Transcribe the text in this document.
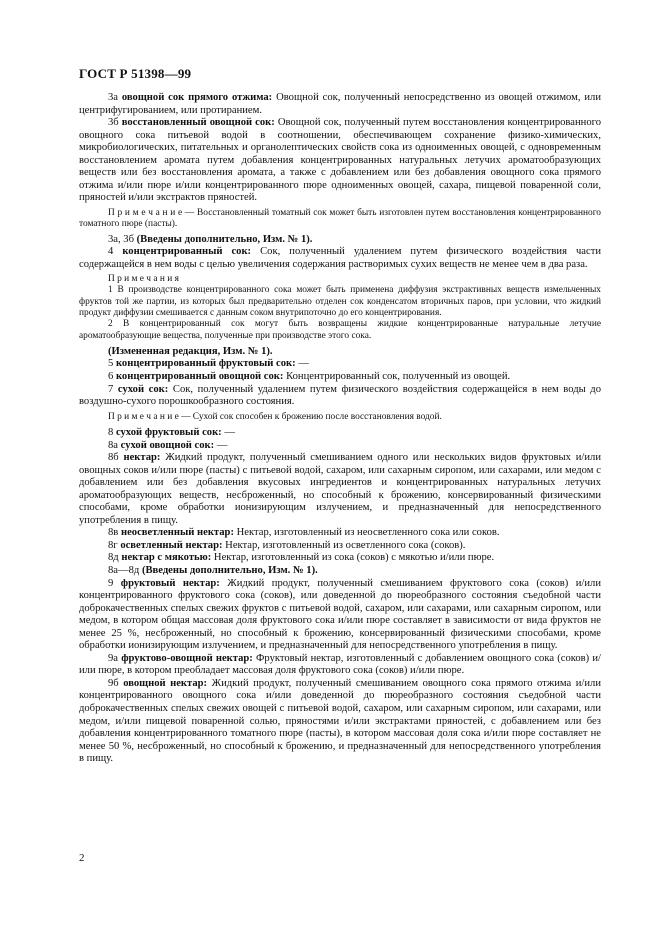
ГОСТ Р 51398—99

3а овощной сок прямого отжима: Овощной сок, полученный непосредственно из овощей отжимом, или центрифугированием, или протиранием.

3б восстановленный овощной сок: Овощной сок, полученный путем восстановления концентрированного овощного сока питьевой водой в соотношении, обеспечивающем сохранение физико-химических, микробиологических, питательных и органолептических свойств сока из одноименных овощей, с одновременным восстановлением аромата путем добавления концентрированных натуральных летучих ароматообразующих веществ или без восстановления аромата, а также с добавлением или без добавления овощного сока прямого отжима и/или пюре и/или концентрированного пюре одноименных овощей, сахара, пищевой поваренной соли, пряностей и/или экстрактов пряностей.

П р и м е ч а н и е — Восстановленный томатный сок может быть изготовлен путем восстановления концентрированного томатного пюре (пасты).

3а, 3б (Введены дополнительно, Изм. № 1).

4 концентрированный сок: Сок, полученный удалением путем физического воздействия части содержащейся в нем воды с целью увеличения содержания растворимых сухих веществ не менее чем в два раза.

П р и м е ч а н и я

1 В производстве концентрированного сока может быть применена диффузия экстрактивных веществ измельченных фруктов той же партии, из которых был предварительно отделен сок конденсатом вторичных паров, при условии, что жидкий продукт диффузии смешивается с данным соком внутрипоточно до его концентрирования.

2 В концентрированный сок могут быть возвращены жидкие концентрированные натуральные летучие ароматообразующие вещества, полученные при производстве этого сока.

(Измененная редакция, Изм. № 1).

5 концентрированный фруктовый сок: —

6 концентрированный овощной сок: Концентрированный сок, полученный из овощей.

7 сухой сок: Сок, полученный удалением путем физического воздействия содержащейся в нем воды до воздушно-сухого порошкообразного состояния.

П р и м е ч а н и е — Сухой сок способен к брожению после восстановления водой.

8 сухой фруктовый сок: —

8а сухой овощной сок: —

8б нектар: Жидкий продукт, полученный смешиванием одного или нескольких видов фруктовых и/или овощных соков и/или пюре (пасты) с питьевой водой, сахаром, или сахарным сиропом, или сахарами, или медом с добавлением или без добавления вкусовых ингредиентов и концентрированных натуральных летучих ароматообразующих веществ, несброженный, но способный к брожению, консервированный физическими способами, кроме обработки ионизирующим излучением, и предназначенный для непосредственного употребления в пищу.

8в неосветленный нектар: Нектар, изготовленный из неосветленного сока или соков.

8г осветленный нектар: Нектар, изготовленный из осветленного сока (соков).

8д нектар с мякотью: Нектар, изготовленный из сока (соков) с мякотью и/или пюре.

8а—8д (Введены дополнительно, Изм. № 1).

9 фруктовый нектар: Жидкий продукт, полученный смешиванием фруктового сока (соков) и/или концентрированного фруктового сока (соков), или доведенной до пюреобразного состояния съедобной части доброкачественных спелых свежих фруктов с питьевой водой, сахаром, или сахарами, или сахарным сиропом, или медом, в котором общая массовая доля фруктового сока и/или пюре составляет в зависимости от вида фруктов не менее 25 %, несброженный, но способный к брожению, консервированный физическими способами, кроме обработки ионизирующим излучением, и предназначенный для непосредственного употребления в пищу.

9а фруктово-овощной нектар: Фруктовый нектар, изготовленный с добавлением овощного сока (соков) и/или пюре, в котором преобладает массовая доля фруктового сока (соков) и/или пюре.

9б овощной нектар: Жидкий продукт, полученный смешиванием овощного сока прямого отжима и/или концентрированного овощного сока и/или доведенной до пюреобразного состояния съедобной части доброкачественных спелых свежих овощей с питьевой водой, сахаром, или сахарным сиропом, или сахарами, или медом, и/или пищевой поваренной солью, пряностями и/или экстрактами пряностей, с добавлением или без добавления концентрированного томатного пюре (пасты), в котором массовая доля сока и/или пюре составляет не менее 50 %, несброженный, но способный к брожению, и предназначенный для непосредственного употребления в пищу.

2
